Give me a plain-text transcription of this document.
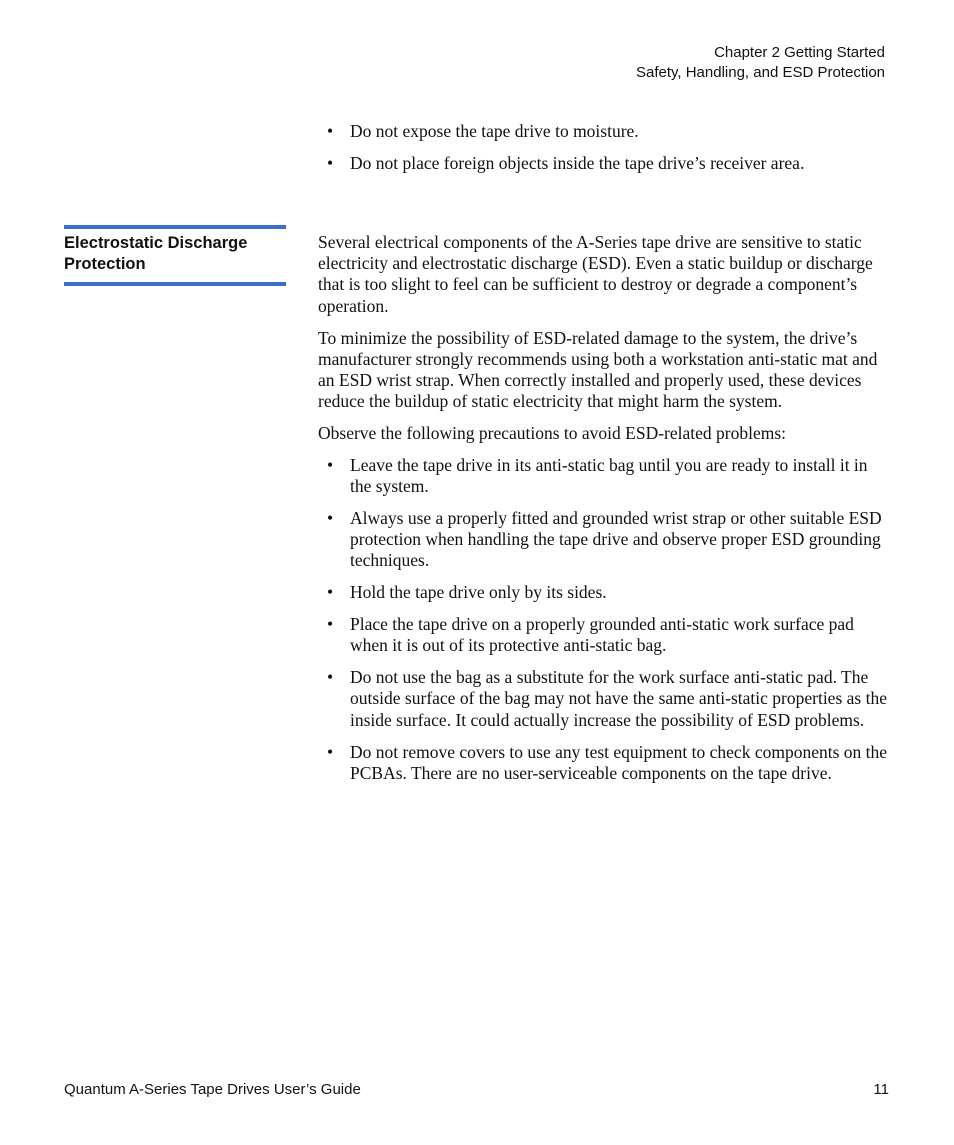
Chapter 2 Getting Started
Safety, Handling, and ESD Protection
• Do not expose the tape drive to moisture.
• Do not place foreign objects inside the tape drive’s receiver area.
Electrostatic Discharge
Protection

Several electrical components of the A-Series tape drive are sensitive to static electricity and electrostatic discharge (ESD). Even a static buildup or discharge that is too slight to feel can be sufficient to destroy or degrade a component’s operation.

To minimize the possibility of ESD-related damage to the system, the drive’s manufacturer strongly recommends using both a workstation anti-static mat and an ESD wrist strap. When correctly installed and properly used, these devices reduce the buildup of static electricity that might harm the system.

Observe the following precautions to avoid ESD-related problems:

• Leave the tape drive in its anti-static bag until you are ready to install it in the system.
• Always use a properly fitted and grounded wrist strap or other suitable ESD protection when handling the tape drive and observe proper ESD grounding techniques.
• Hold the tape drive only by its sides.
• Place the tape drive on a properly grounded anti-static work surface pad when it is out of its protective anti-static bag.
• Do not use the bag as a substitute for the work surface anti-static pad. The outside surface of the bag may not have the same anti-static properties as the inside surface. It could actually increase the possibility of ESD problems.
• Do not remove covers to use any test equipment to check components on the PCBAs. There are no user-serviceable components on the tape drive.
Quantum A-Series Tape Drives User’s Guide	11
